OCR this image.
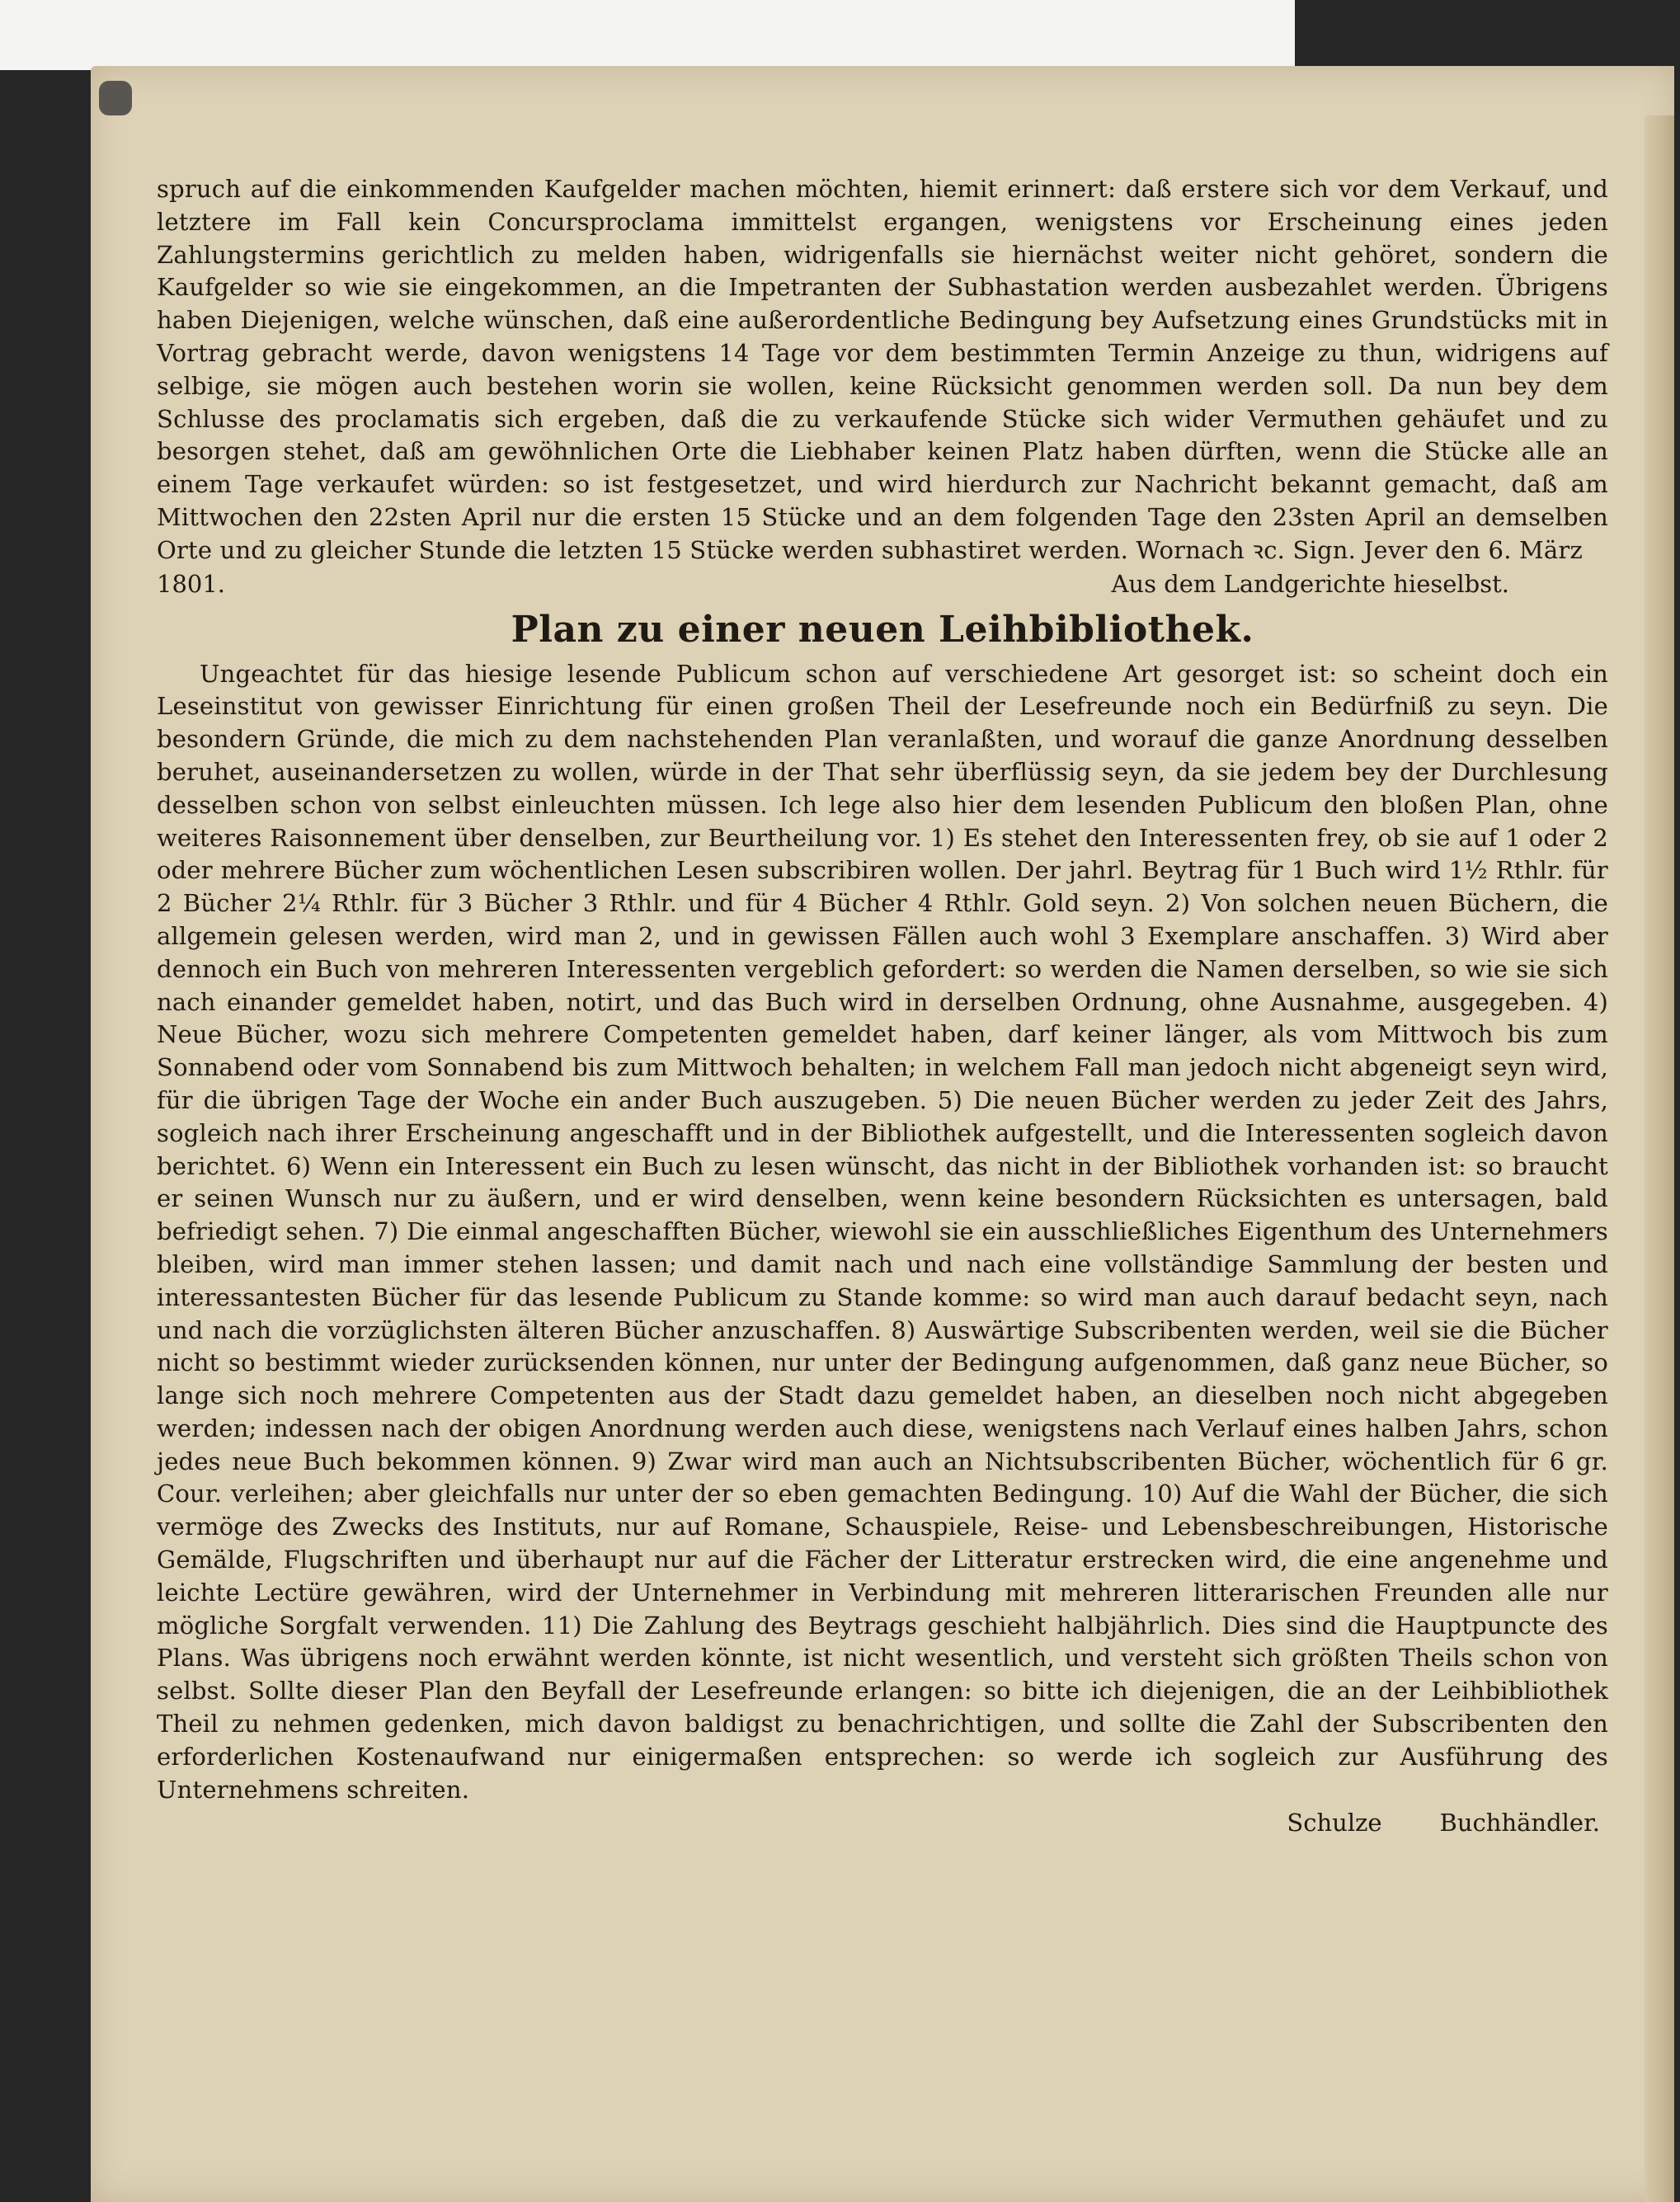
spruch auf die einkommenden Kaufgelder machen möchten, hiemit erinnert: daß erstere sich vor dem Verkauf, und letztere im Fall kein Concursproclama immittelst ergangen, wenigstens vor Erscheinung eines jeden Zahlungstermins gerichtlich zu melden haben, widrigenfalls sie hiernächst weiter nicht gehöret, sondern die Kaufgelder so wie sie eingekommen, an die Impetranten der Subhastation werden ausbezahlet werden. Übrigens haben Diejenigen, welche wünschen, daß eine außerordentliche Bedingung bey Aufsetzung eines Grundstücks mit in Vortrag gebracht werde, davon wenigstens 14 Tage vor dem bestimmten Termin Anzeige zu thun, widrigens auf selbige, sie mögen auch bestehen worin sie wollen, keine Rücksicht genommen werden soll. Da nun bey dem Schlusse des proclamatis sich ergeben, daß die zu verkaufende Stücke sich wider Vermuthen gehäufet und zu besorgen stehet, daß am gewöhnlichen Orte die Liebhaber keinen Platz haben dürften, wenn die Stücke alle an einem Tage verkaufet würden: so ist festgesetzet, und wird hierdurch zur Nachricht bekannt gemacht, daß am Mittwochen den 22sten April nur die ersten 15 Stücke und an dem folgenden Tage den 23sten April an demselben Orte und zu gleicher Stunde die letzten 15 Stücke werden subhastiret werden. Wornach ꝛc. Sign. Jever den 6. März

Aus dem Landgerichte hieselbst.

1801.

Plan zu einer neuen Leihbibliothek.

Ungeachtet für das hiesige lesende Publicum schon auf verschiedene Art gesorget ist: so scheint doch ein Leseinstitut von gewisser Einrichtung für einen großen Theil der Lesefreunde noch ein Bedürfniß zu seyn. Die besondern Gründe, die mich zu dem nachstehenden Plan veranlaßten, und worauf die ganze Anordnung desselben beruhet, auseinandersetzen zu wollen, würde in der That sehr überflüssig seyn, da sie jedem bey der Durchlesung desselben schon von selbst einleuchten müssen. Ich lege also hier dem lesenden Publicum den bloßen Plan, ohne weiteres Raisonnement über denselben, zur Beurtheilung vor. 1) Es stehet den Interessenten frey, ob sie auf 1 oder 2 oder mehrere Bücher zum wöchentlichen Lesen subscribiren wollen. Der jahrl. Beytrag für 1 Buch wird 1½ Rthlr. für 2 Bücher 2¼ Rthlr. für 3 Bücher 3 Rthlr. und für 4 Bücher 4 Rthlr. Gold seyn. 2) Von solchen neuen Büchern, die allgemein gelesen werden, wird man 2, und in gewissen Fällen auch wohl 3 Exemplare anschaffen. 3) Wird aber dennoch ein Buch von mehreren Interessenten vergeblich gefordert: so werden die Namen derselben, so wie sie sich nach einander gemeldet haben, notirt, und das Buch wird in derselben Ordnung, ohne Ausnahme, ausgegeben. 4) Neue Bücher, wozu sich mehrere Competenten gemeldet haben, darf keiner länger, als vom Mittwoch bis zum Sonnabend oder vom Sonnabend bis zum Mittwoch behalten; in welchem Fall man jedoch nicht abgeneigt seyn wird, für die übrigen Tage der Woche ein ander Buch auszugeben. 5) Die neuen Bücher werden zu jeder Zeit des Jahrs, sogleich nach ihrer Erscheinung angeschafft und in der Bibliothek aufgestellt, und die Interessenten sogleich davon berichtet. 6) Wenn ein Interessent ein Buch zu lesen wünscht, das nicht in der Bibliothek vorhanden ist: so braucht er seinen Wunsch nur zu äußern, und er wird denselben, wenn keine besondern Rücksichten es untersagen, bald befriedigt sehen. 7) Die einmal angeschafften Bücher, wiewohl sie ein ausschließliches Eigenthum des Unternehmers bleiben, wird man immer stehen lassen; und damit nach und nach eine vollständige Sammlung der besten und interessantesten Bücher für das lesende Publicum zu Stande komme: so wird man auch darauf bedacht seyn, nach und nach die vorzüglichsten älteren Bücher anzuschaffen. 8) Auswärtige Subscribenten werden, weil sie die Bücher nicht so bestimmt wieder zurücksenden können, nur unter der Bedingung aufgenommen, daß ganz neue Bücher, so lange sich noch mehrere Competenten aus der Stadt dazu gemeldet haben, an dieselben noch nicht abgegeben werden; indessen nach der obigen Anordnung werden auch diese, wenigstens nach Verlauf eines halben Jahrs, schon jedes neue Buch bekommen können. 9) Zwar wird man auch an Nichtsubscribenten Bücher, wöchentlich für 6 gr. Cour. verleihen; aber gleichfalls nur unter der so eben gemachten Bedingung. 10) Auf die Wahl der Bücher, die sich vermöge des Zwecks des Instituts, nur auf Romane, Schauspiele, Reise- und Lebensbeschreibungen, Historische Gemälde, Flugschriften und überhaupt nur auf die Fächer der Litteratur erstrecken wird, die eine angenehme und leichte Lectüre gewähren, wird der Unternehmer in Verbindung mit mehreren litterarischen Freunden alle nur mögliche Sorgfalt verwenden. 11) Die Zahlung des Beytrags geschieht halbjährlich. Dies sind die Hauptpuncte des Plans. Was übrigens noch erwähnt werden könnte, ist nicht wesentlich, und versteht sich größten Theils schon von selbst. Sollte dieser Plan den Beyfall der Lesefreunde erlangen: so bitte ich diejenigen, die an der Leihbibliothek Theil zu nehmen gedenken, mich davon baldigst zu benachrichtigen, und sollte die Zahl der Subscribenten den erforderlichen Kostenaufwand nur einigermaßen entsprechen: so werde ich sogleich zur Ausführung des Unternehmens schreiten.

Schulze Buchhändler.
